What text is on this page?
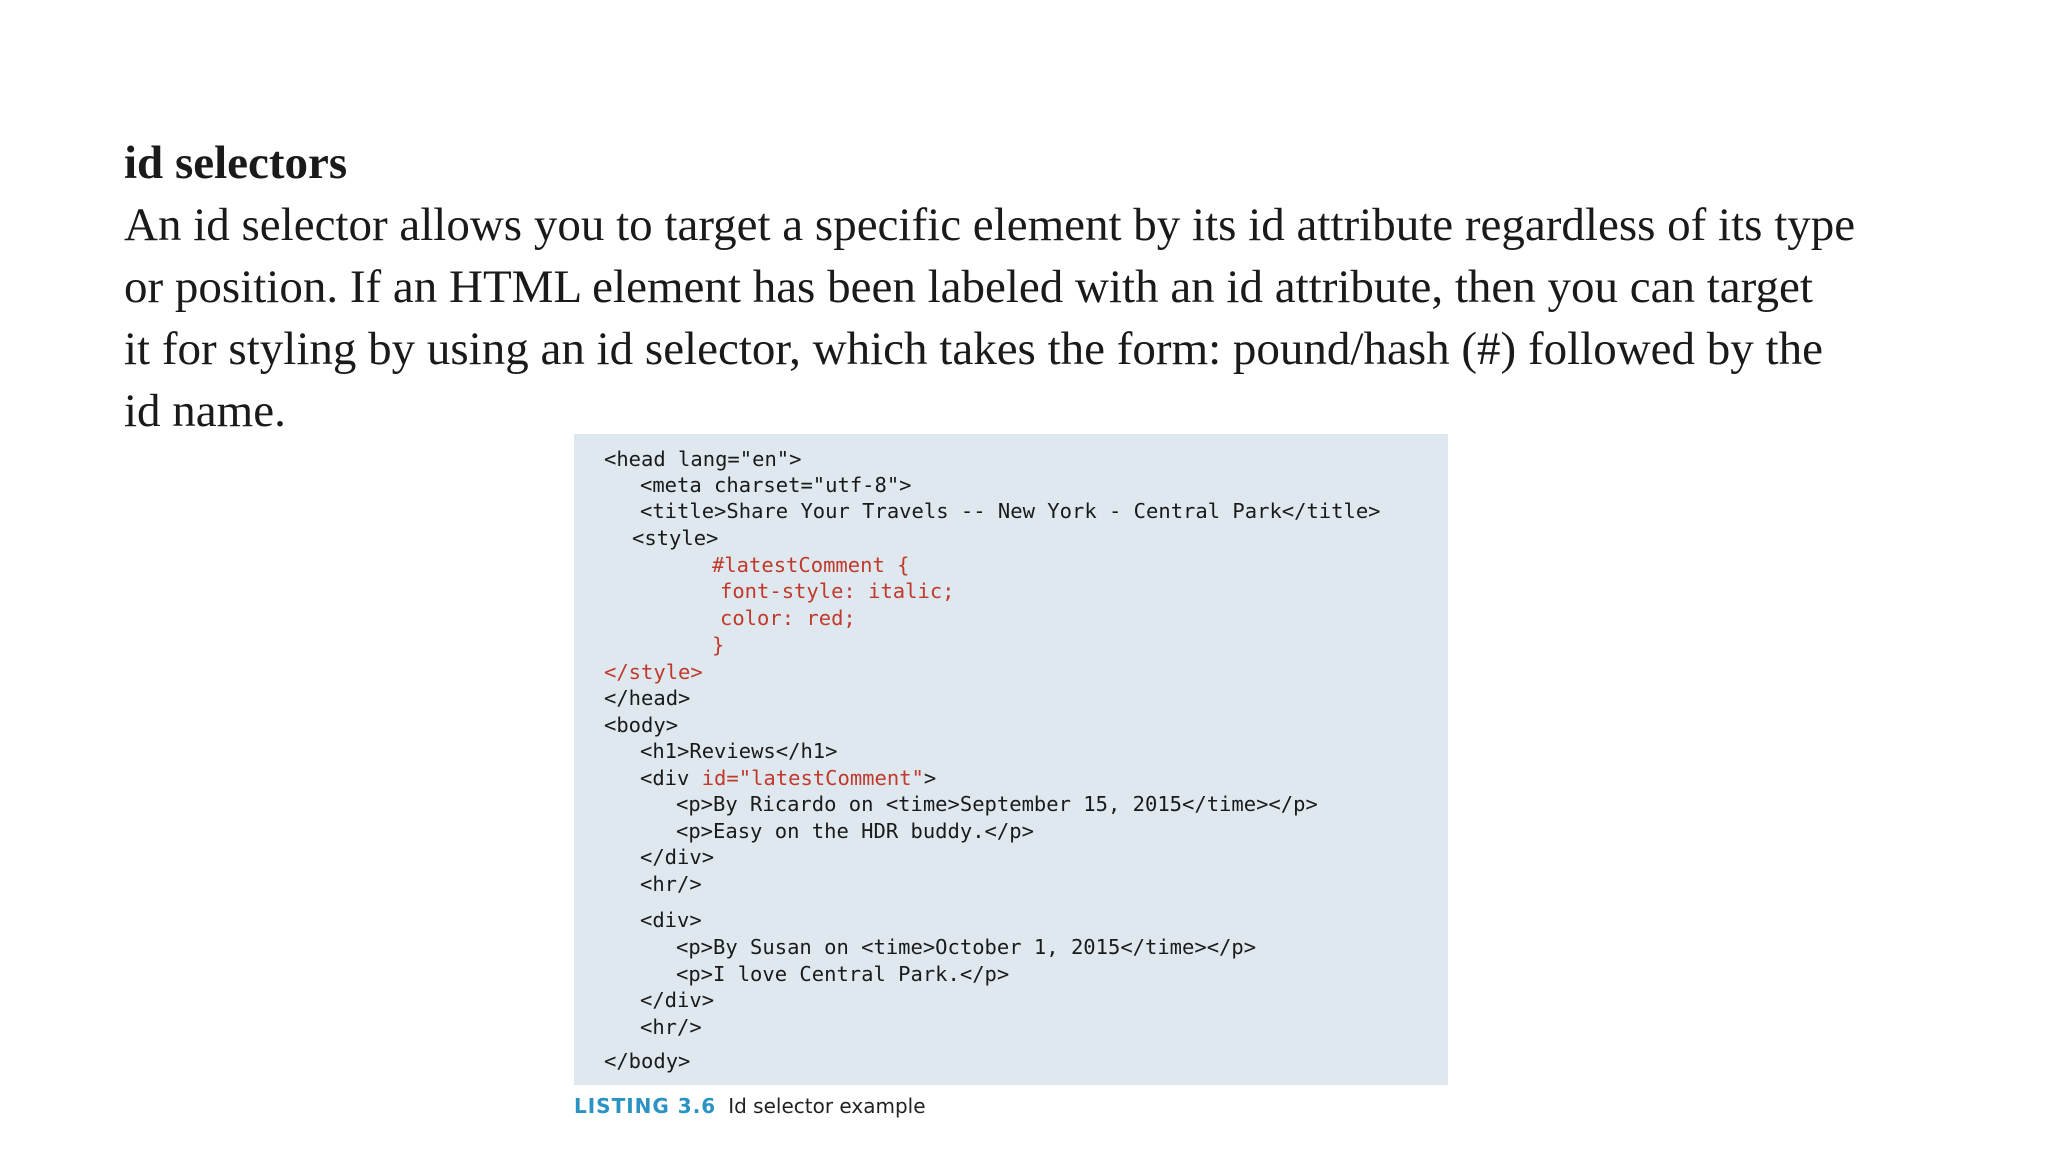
id selectors
An id selector allows you to target a specific element by its id attribute regardless of its type
or position. If an HTML element has been labeled with an id attribute, then you can target
it for styling by using an id selector, which takes the form: pound/hash (#) followed by the
id name.
<head lang="en">
<meta charset="utf-8">
<title>Share Your Travels -- New York - Central Park</title>
<style>
#latestComment {
font-style: italic;
color: red;
}
</style>
</head>
<body>
<h1>Reviews</h1>
<div id="latestComment">
<p>By Ricardo on <time>September 15, 2015</time></p>
<p>Easy on the HDR buddy.</p>
</div>
<hr/>
<div>
<p>By Susan on <time>October 1, 2015</time></p>
<p>I love Central Park.</p>
</div>
<hr/>
</body>
LISTING 3.6 Id selector example
